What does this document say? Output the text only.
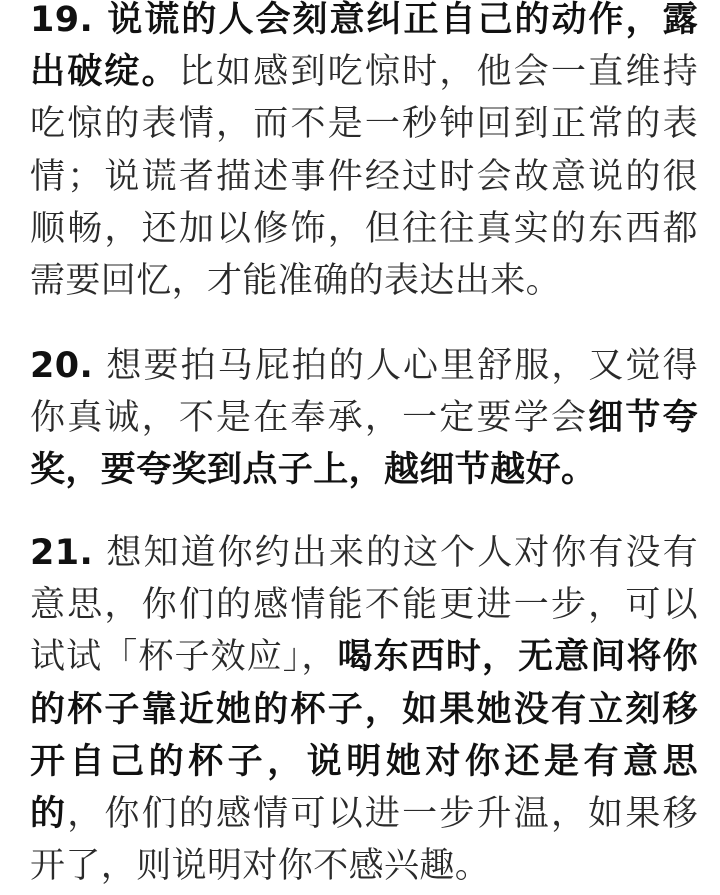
19. 说谎的人会刻意纠正自己的动作，露出破绽。比如感到吃惊时，他会一直维持吃惊的表情，而不是一秒钟回到正常的表情；说谎者描述事件经过时会故意说的很顺畅，还加以修饰，但往往真实的东西都需要回忆，才能准确的表达出来。

20. 想要拍马屁拍的人心里舒服，又觉得你真诚，不是在奉承，一定要学会细节夸奖，要夸奖到点子上，越细节越好。

21. 想知道你约出来的这个人对你有没有意思，你们的感情能不能更进一步，可以试试「杯子效应」，喝东西时，无意间将你的杯子靠近她的杯子，如果她没有立刻移开自己的杯子，说明她对你还是有意思的，你们的感情可以进一步升温，如果移开了，则说明对你不感兴趣。
